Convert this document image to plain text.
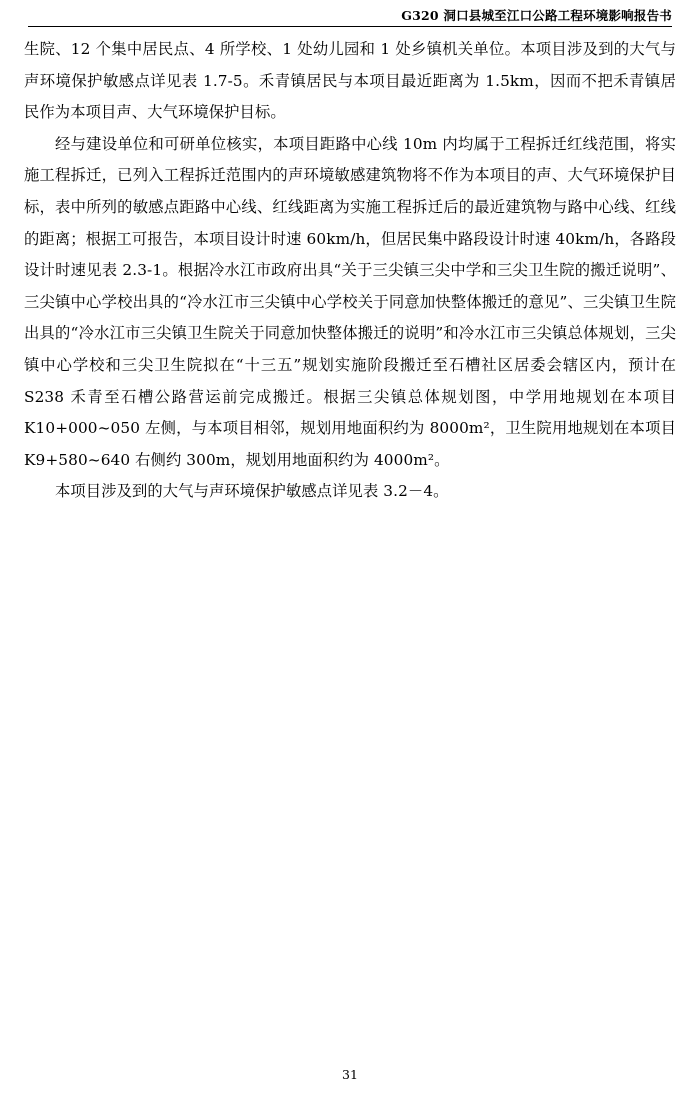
G320 洞口县城至江口公路工程环境影响报告书

生院、12 个集中居民点、4 所学校、1 处幼儿园和 1 处乡镇机关单位。本项目涉及到的大气与声环境保护敏感点详见表 1.7-5。禾青镇居民与本项目最近距离为 1.5km，因而不把禾青镇居民作为本项目声、大气环境保护目标。

经与建设单位和可研单位核实，本项目距路中心线 10m 内均属于工程拆迁红线范围，将实施工程拆迁，已列入工程拆迁范围内的声环境敏感建筑物将不作为本项目的声、大气环境保护目标，表中所列的敏感点距路中心线、红线距离为实施工程拆迁后的最近建筑物与路中心线、红线的距离；根据工可报告，本项目设计时速 60km/h，但居民集中路段设计时速 40km/h，各路段设计时速见表 2.3-1。根据冷水江市政府出具“关于三尖镇三尖中学和三尖卫生院的搬迁说明”、三尖镇中心学校出具的“冷水江市三尖镇中心学校关于同意加快整体搬迁的意见”、三尖镇卫生院出具的“冷水江市三尖镇卫生院关于同意加快整体搬迁的说明”和冷水江市三尖镇总体规划，三尖镇中心学校和三尖卫生院拟在“十三五”规划实施阶段搬迁至石槽社区居委会辖区内，预计在 S238 禾青至石槽公路营运前完成搬迁。根据三尖镇总体规划图，中学用地规划在本项目 K10+000~050 左侧，与本项目相邻，规划用地面积约为 8000m²，卫生院用地规划在本项目 K9+580~640 右侧约 300m，规划用地面积约为 4000m²。

本项目涉及到的大气与声环境保护敏感点详见表 3.2－4。

31
